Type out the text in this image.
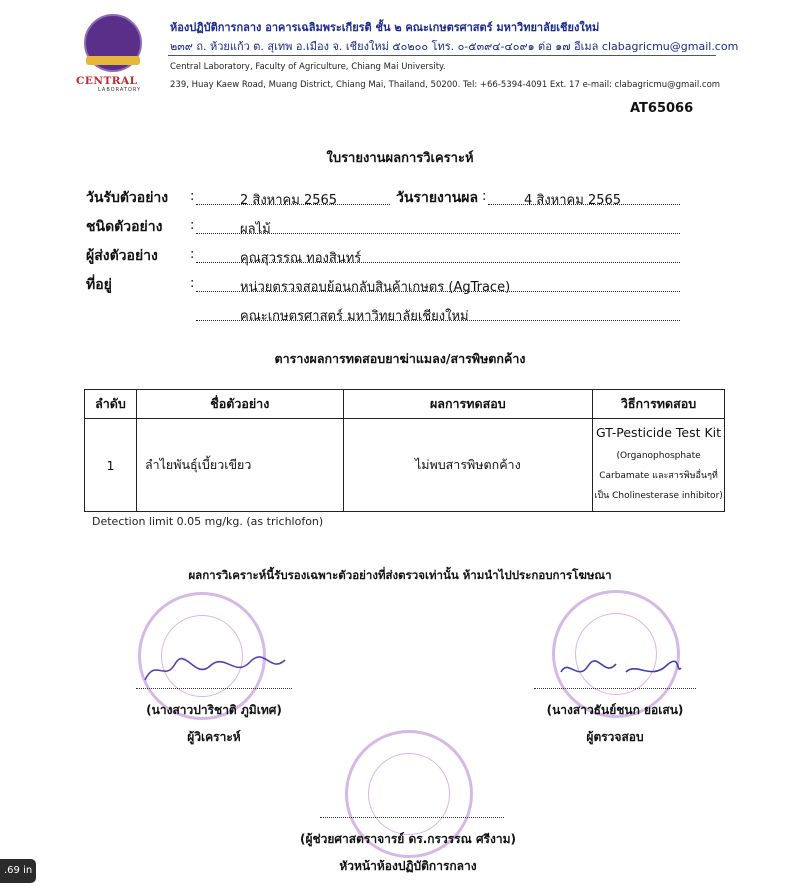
CENTRAL
LABORATORY
ห้องปฏิบัติการกลาง อาคารเฉลิมพระเกียรติ ชั้น ๒ คณะเกษตรศาสตร์ มหาวิทยาลัยเชียงใหม่
๒๓๙ ถ. ห้วยแก้ว ต. สุเทพ อ.เมือง จ. เชียงใหม่ ๕๐๒๐๐ โทร. ๐-๕๓๙๔-๔๐๙๑ ต่อ ๑๗ อีเมล clabagricmu@gmail.com
Central Laboratory, Faculty of Agriculture, Chiang Mai University.
239, Huay Kaew Road, Muang District, Chiang Mai, Thailand, 50200. Tel: +66-5394-4091 Ext. 17 e-mail: clabagricmu@gmail.com
AT65066
ใบรายงานผลการวิเคราะห์
วันรับตัวอย่าง :	2 สิงหาคม 2565	วันรายงานผล :	4 สิงหาคม 2565
ชนิดตัวอย่าง :	ผลไม้
ผู้ส่งตัวอย่าง :	คุณสุวรรณ ทองสินทร์
ที่อยู่	:	หน่วยตรวจสอบย้อนกลับสินค้าเกษตร (AgTrace)
คณะเกษตรศาสตร์ มหาวิทยาลัยเชียงใหม่
ตารางผลการทดสอบยาฆ่าแมลง/สารพิษตกค้าง
ลำดับ	ชื่อตัวอย่าง	ผลการทดสอบ	วิธีการทดสอบ
1	ลำไยพันธุ์เบี้ยวเขียว	ไม่พบสารพิษตกค้าง	GT-Pesticide Test Kit
(Organophosphate
Carbamate และสารพิษอื่นๆที่
เป็น Cholinesterase inhibitor)
Detection limit 0.05 mg/kg. (as trichlofon)
ผลการวิเคราะห์นี้รับรองเฉพาะตัวอย่างที่ส่งตรวจเท่านั้น ห้ามนำไปประกอบการโฆษณา
(นางสาวปาริชาติ ภูมิเทศ)
ผู้วิเคราะห์
(นางสาวธันย์ชนก ยอเสน)
ผู้ตรวจสอบ
(ผู้ช่วยศาสตราจารย์ ดร.กรวรรณ ศรีงาม)
หัวหน้าห้องปฏิบัติการกลาง
.69 in
